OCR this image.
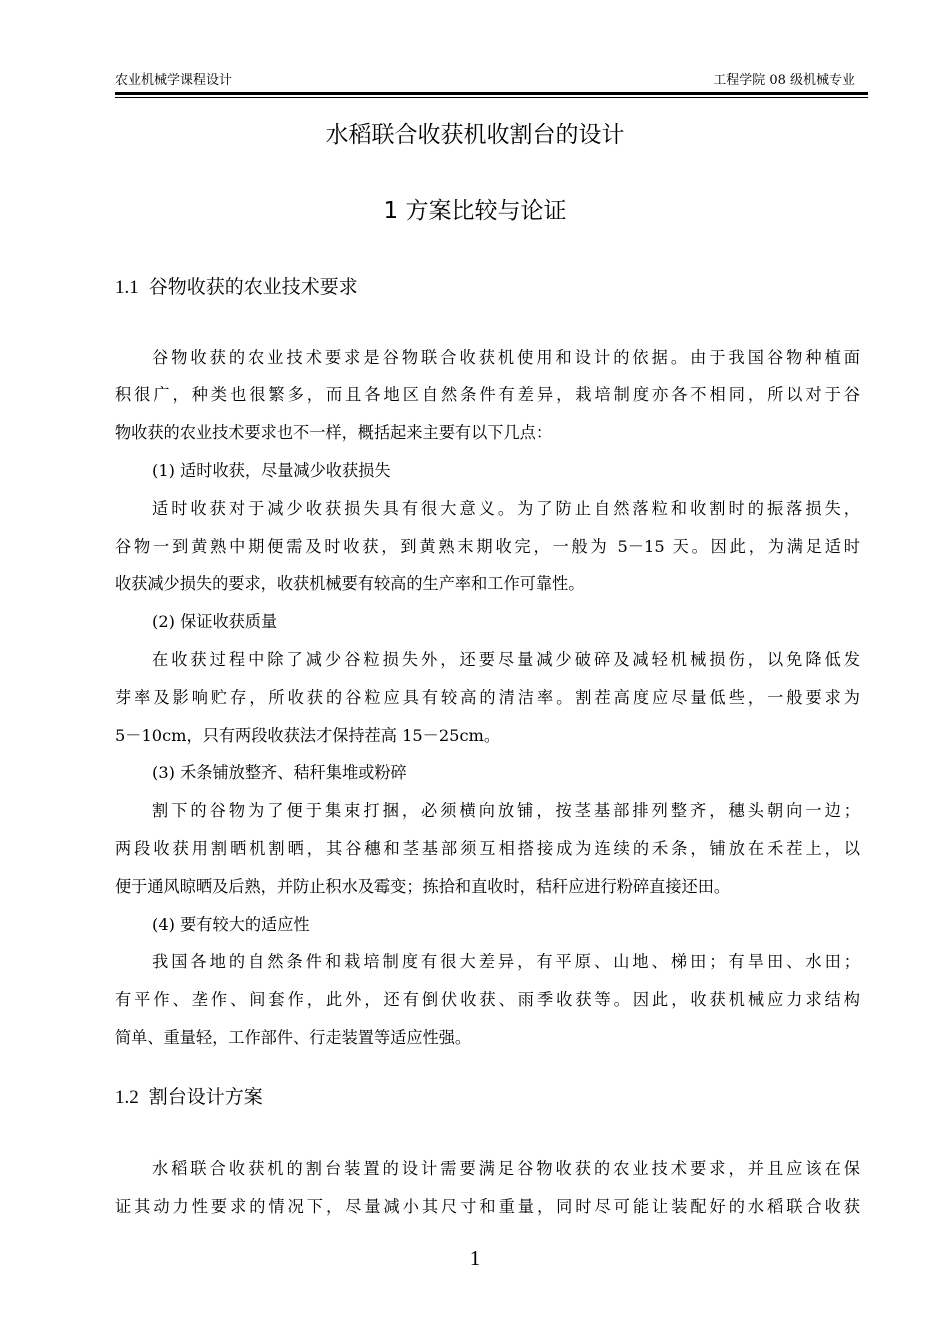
农业机械学课程设计	工程学院 08 级机械专业
水稻联合收获机收割台的设计
1 方案比较与论证
1.1 谷物收获的农业技术要求
谷物收获的农业技术要求是谷物联合收获机使用和设计的依据。由于我国谷物种植面
积很广，种类也很繁多，而且各地区自然条件有差异，栽培制度亦各不相同，所以对于谷
物收获的农业技术要求也不一样，概括起来主要有以下几点：
(1) 适时收获，尽量减少收获损失
适时收获对于减少收获损失具有很大意义。为了防止自然落粒和收割时的振落损失，
谷物一到黄熟中期便需及时收获，到黄熟末期收完，一般为 5－15 天。因此，为满足适时
收获减少损失的要求，收获机械要有较高的生产率和工作可靠性。
(2) 保证收获质量
在收获过程中除了减少谷粒损失外，还要尽量减少破碎及减轻机械损伤，以免降低发
芽率及影响贮存，所收获的谷粒应具有较高的清洁率。割茬高度应尽量低些，一般要求为
5－10cm，只有两段收获法才保持茬高 15－25cm。
(3) 禾条铺放整齐、秸秆集堆或粉碎
割下的谷物为了便于集束打捆，必须横向放铺，按茎基部排列整齐，穗头朝向一边；
两段收获用割晒机割晒，其谷穗和茎基部须互相搭接成为连续的禾条，铺放在禾茬上，以
便于通风晾晒及后熟，并防止积水及霉变；拣拾和直收时，秸秆应进行粉碎直接还田。
(4) 要有较大的适应性
我国各地的自然条件和栽培制度有很大差异，有平原、山地、梯田；有旱田、水田；
有平作、垄作、间套作，此外，还有倒伏收获、雨季收获等。因此，收获机械应力求结构
简单、重量轻，工作部件、行走装置等适应性强。
1.2 割台设计方案
水稻联合收获机的割台装置的设计需要满足谷物收获的农业技术要求，并且应该在保
证其动力性要求的情况下，尽量减小其尺寸和重量，同时尽可能让装配好的水稻联合收获
1
